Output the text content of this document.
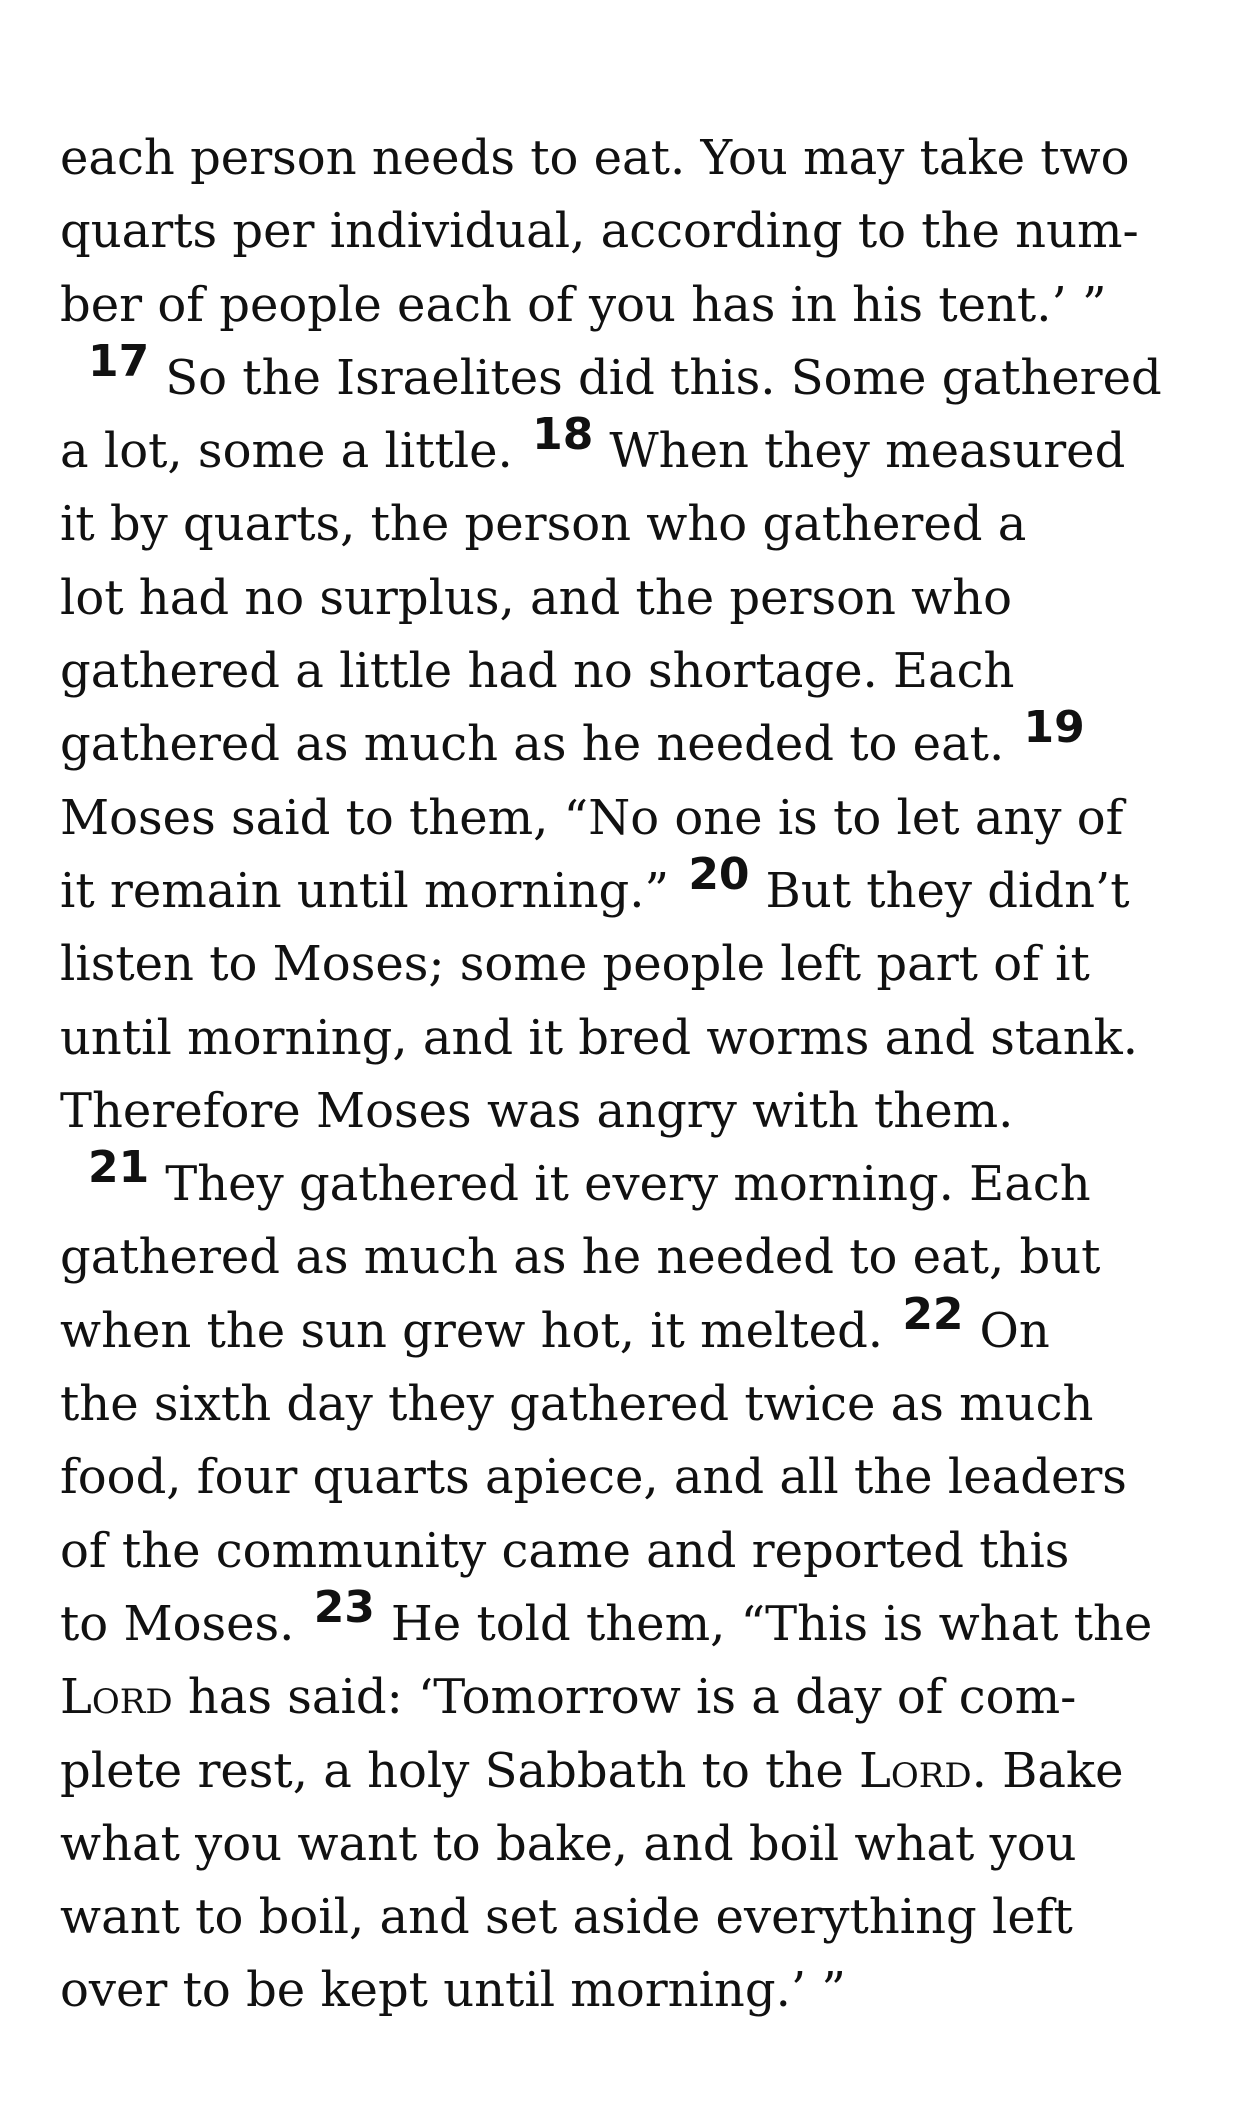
each person needs to eat. You may take two
quarts per individual, according to the num-
ber of people each of you has in his tent.’ ”
17 So the Israelites did this. Some gathered
a lot, some a little. 18 When they measured
it by quarts, the person who gathered a
lot had no surplus, and the person who
gathered a little had no shortage. Each
gathered as much as he needed to eat. 19
Moses said to them, “No one is to let any of
it remain until morning.” 20 But they didn’t
listen to Moses; some people left part of it
until morning, and it bred worms and stank.
Therefore Moses was angry with them.
21 They gathered it every morning. Each
gathered as much as he needed to eat, but
when the sun grew hot, it melted. 22 On
the sixth day they gathered twice as much
food, four quarts apiece, and all the leaders
of the community came and reported this
to Moses. 23 He told them, “This is what the
Lord has said: ‘Tomorrow is a day of com-
plete rest, a holy Sabbath to the Lord. Bake
what you want to bake, and boil what you
want to boil, and set aside everything left
over to be kept until morning.’ ”
